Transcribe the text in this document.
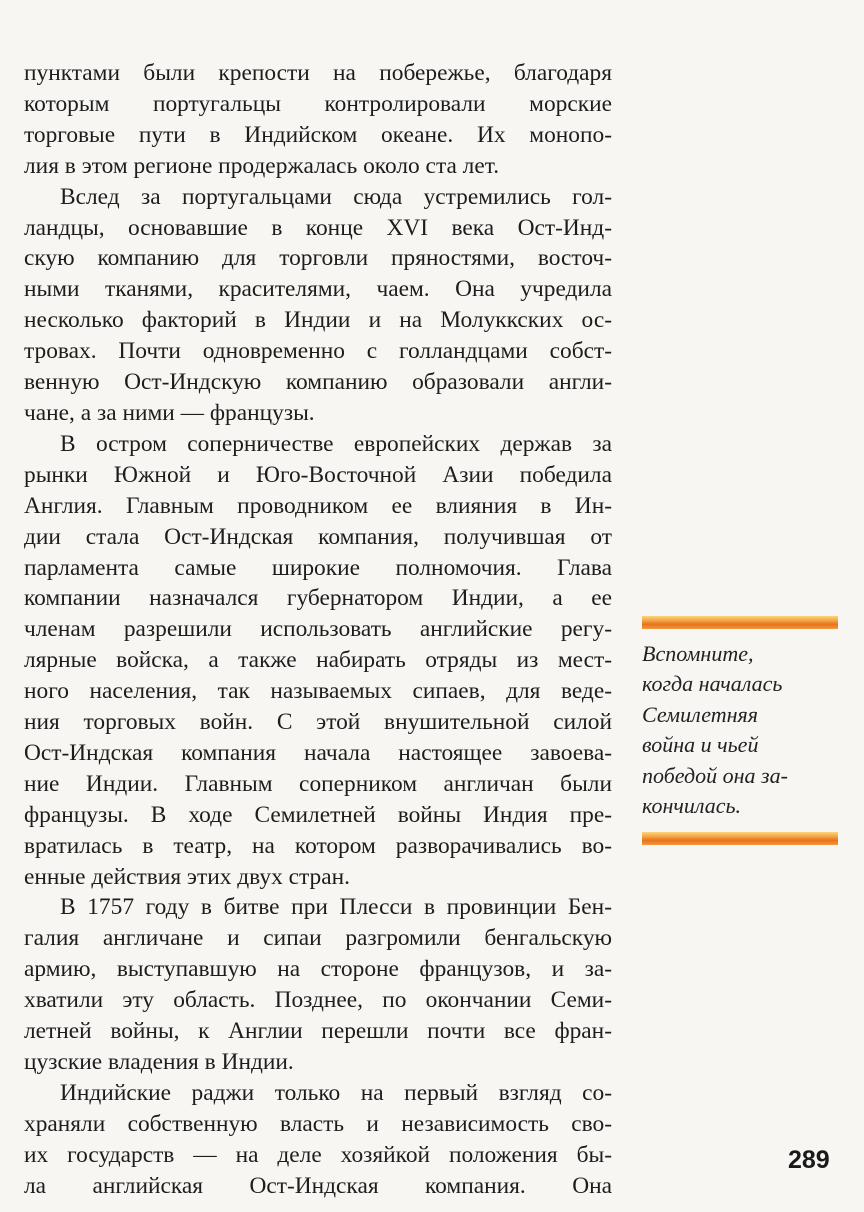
пунктами были крепости на побережье, благодаря
которым португальцы контролировали морские
торговые пути в Индийском океане. Их монопо-
лия в этом регионе продержалась около ста лет.

Вслед за португальцами сюда устремились гол-
ландцы, основавшие в конце XVI века Ост-Инд-
скую компанию для торговли пряностями, восточ-
ными тканями, красителями, чаем. Она учредила
несколько факторий в Индии и на Молуккских ос-
тровах. Почти одновременно с голландцами собст-
венную Ост-Индскую компанию образовали англи-
чане, а за ними — французы.

В остром соперничестве европейских держав за
рынки Южной и Юго-Восточной Азии победила
Англия. Главным проводником ее влияния в Ин-
дии стала Ост-Индская компания, получившая от
парламента самые широкие полномочия. Глава
компании назначался губернатором Индии, а ее
членам разрешили использовать английские регу-
лярные войска, а также набирать отряды из мест-
ного населения, так называемых сипаев, для веде-
ния торговых войн. С этой внушительной силой
Ост-Индская компания начала настоящее завоева-
ние Индии. Главным соперником англичан были
французы. В ходе Семилетней войны Индия пре-
вратилась в театр, на котором разворачивались во-
енные действия этих двух стран.

В 1757 году в битве при Плесси в провинции Бен-
галия англичане и сипаи разгромили бенгальскую
армию, выступавшую на стороне французов, и за-
хватили эту область. Позднее, по окончании Семи-
летней войны, к Англии перешли почти все фран-
цузские владения в Индии.

Индийские раджи только на первый взгляд со-
храняли собственную власть и независимость сво-
их государств — на деле хозяйкой положения бы-
ла английская Ост-Индская компания. Она

Вспомните,
когда началась
Семилетняя
война и чьей
победой она за-
кончилась.

289
